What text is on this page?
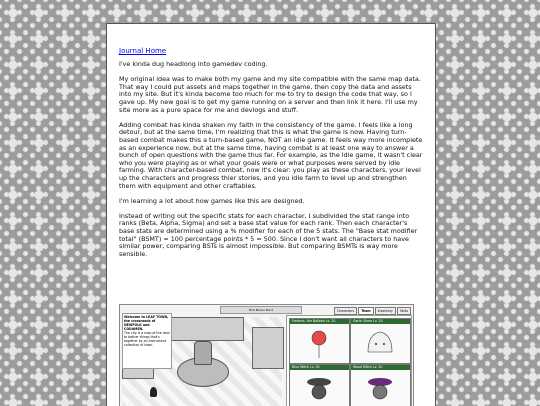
Journal Home

I've kinda dug headlong into gamedev coding.

My original idea was to make both my game and my site compatible with the same map data. That way I could put assets and maps together in the game, then copy the data and assets into my site. But it's kinda become too much for me to try to design the code that way, so I gave up. My new goal is to get my game running on a server and then link it here. I'll use my site more as a pure space for me and devlogs and stuff.

Adding combat has kinda shaken my faith in the consistency of the game. I feels like a long detour, but at the same time, I'm realizing that this is what the game is now. Having turn-based combat makes this a turn-based game, NOT an idle game. It feels way more incomplete as an experience now, but at the same time, having combat is at least one way to answer a bunch of open questions with the game thus far. For example, as the idle game, it wasn't clear who you were playing as or what your goals were or what purposes were served by idle farming. With character-based combat, now it's clear: you play as these characters, your level up the characters and progress thier stories, and you idle farm to level up and strengthen them with equipment and other craftables.

I'm learning a lot about how games like this are designed.

Instead of writing out the specific stats for each character, I subdivided the stat range into ranks (Beta, Alpha, Sigma) and set a base stat value for each rank. Then each character's base stats are determined using a % modifier for each of the 5 stats. The "Base stat modifier total" (BSMT) = 100 percentage points * 5 = 500. Since I don't want all characters to have similar power, comparing BSTs is almost impossible. But comparing BSMTs is way more sensible.

Welcome to LEAF TOWN, the crossroads of NEWFOLK and CODAMEN.
The city is a map of the land to bother things that's together by an instrument collection of town.
Fish Bonus Pond	Characters	Team	Inventory	Skills
Frederic, the Balloon Lv. 20	Garlic Slime Lv. 20
Blue Witch Lv. 20	Wood Witch Lv. 20
